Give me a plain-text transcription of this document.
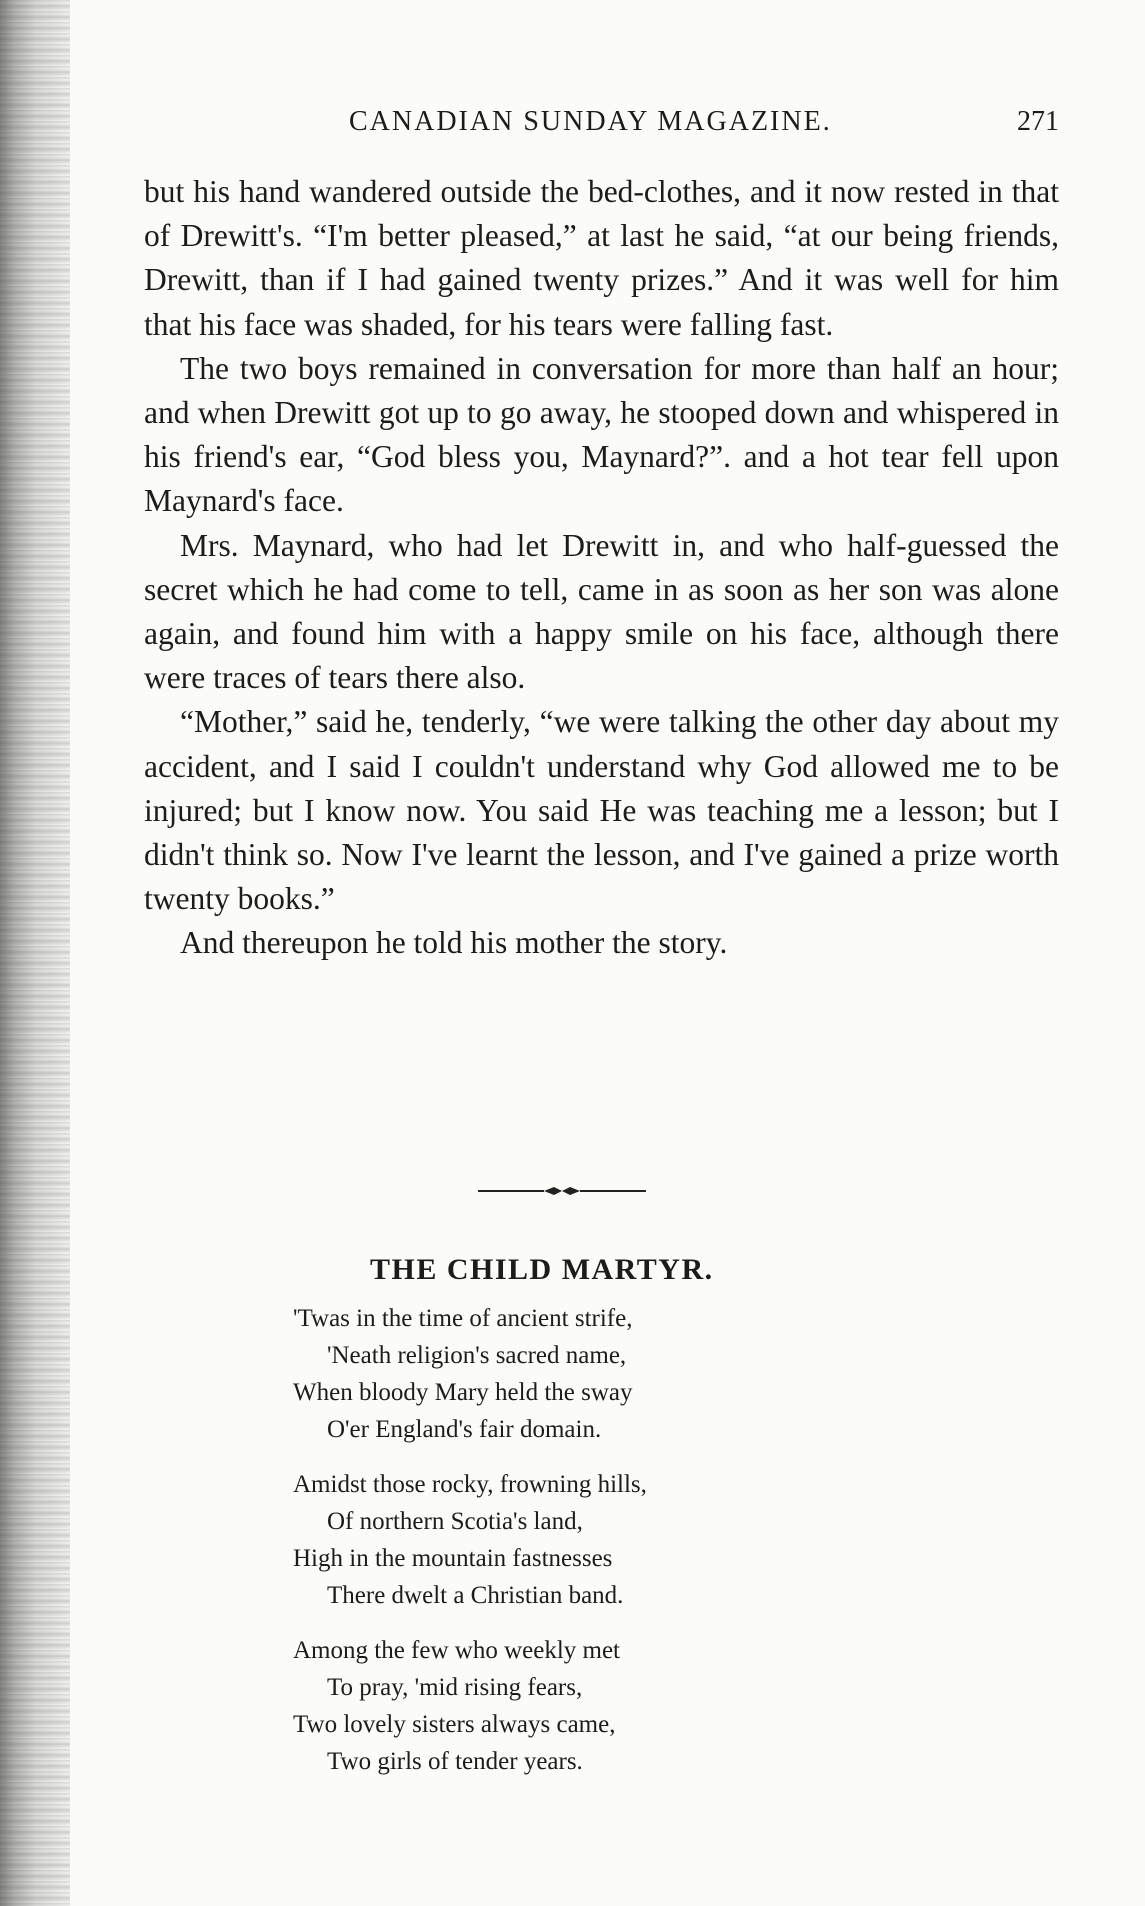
CANADIAN SUNDAY MAGAZINE.	271

but his hand wandered outside the bed-clothes, and it now rested in that of Drewitt's. “I'm better pleased,” at last he said, “at our being friends, Drewitt, than if I had gained twenty prizes.” And it was well for him that his face was shaded, for his tears were falling fast.

The two boys remained in conversation for more than half an hour; and when Drewitt got up to go away, he stooped down and whispered in his friend's ear, “God bless you, Maynard?”. and a hot tear fell upon Maynard's face.

Mrs. Maynard, who had let Drewitt in, and who half-guessed the secret which he had come to tell, came in as soon as her son was alone again, and found him with a happy smile on his face, although there were traces of tears there also.

“Mother,” said he, tenderly, “we were talking the other day about my accident, and I said I couldn't understand why God allowed me to be injured; but I know now. You said He was teaching me a lesson; but I didn't think so. Now I've learnt the lesson, and I've gained a prize worth twenty books.”

And thereupon he told his mother the story.

THE CHILD MARTYR.
'Twas in the time of ancient strife,
'Neath religion's sacred name,
When bloody Mary held the sway
O'er England's fair domain.
Amidst those rocky, frowning hills,
Of northern Scotia's land,
High in the mountain fastnesses
There dwelt a Christian band.
Among the few who weekly met
To pray, 'mid rising fears,
Two lovely sisters always came,
Two girls of tender years.
